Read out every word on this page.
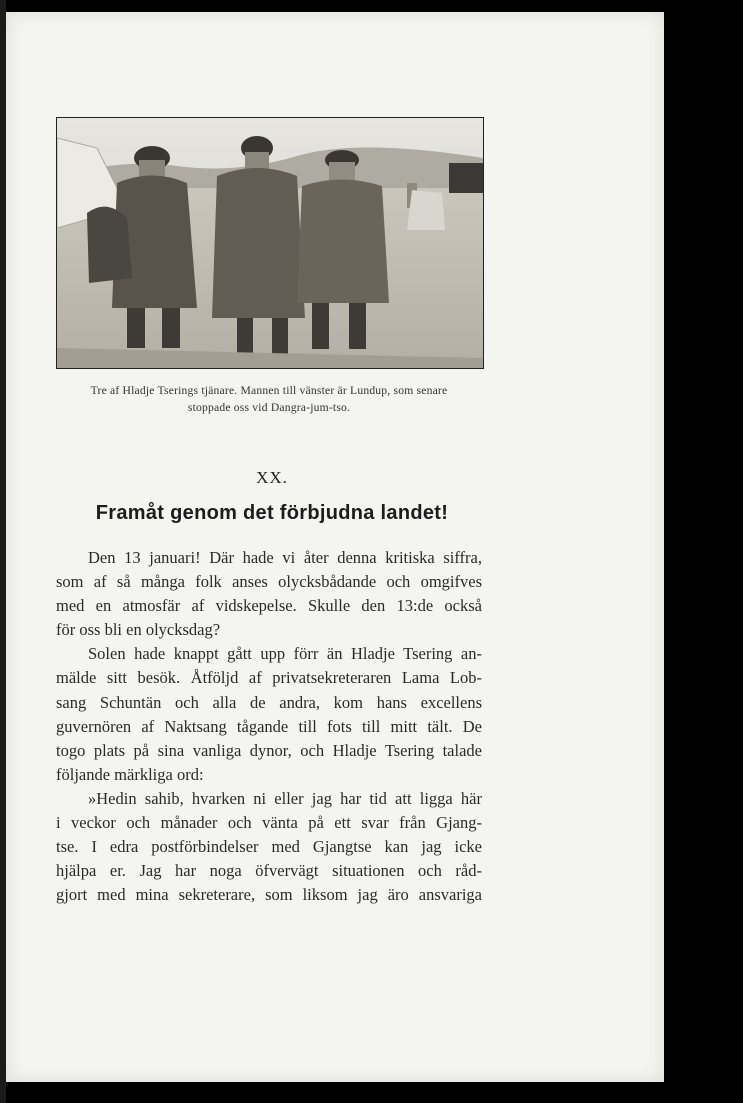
Tre af Hladje Tserings tjänare. Mannen till vänster är Lundup, som senare
stoppade oss vid Dangra-jum-tso.
XX.
Framåt genom det förbjudna landet!
Den 13 januari! Där hade vi åter denna kritiska siffra,
som af så många folk anses olycksbådande och omgifves
med en atmosfär af vidskepelse. Skulle den 13:de också
för oss bli en olycksdag?
Solen hade knappt gått upp förr än Hladje Tsering an-
mälde sitt besök. Åtföljd af privatsekreteraren Lama Lob-
sang Schuntän och alla de andra, kom hans excellens
guvernören af Naktsang tågande till fots till mitt tält. De
togo plats på sina vanliga dynor, och Hladje Tsering talade
följande märkliga ord:
»Hedin sahib, hvarken ni eller jag har tid att ligga här
i veckor och månader och vänta på ett svar från Gjang-
tse. I edra postförbindelser med Gjangtse kan jag icke
hjälpa er. Jag har noga öfvervägt situationen och råd-
gjort med mina sekreterare, som liksom jag äro ansvariga
